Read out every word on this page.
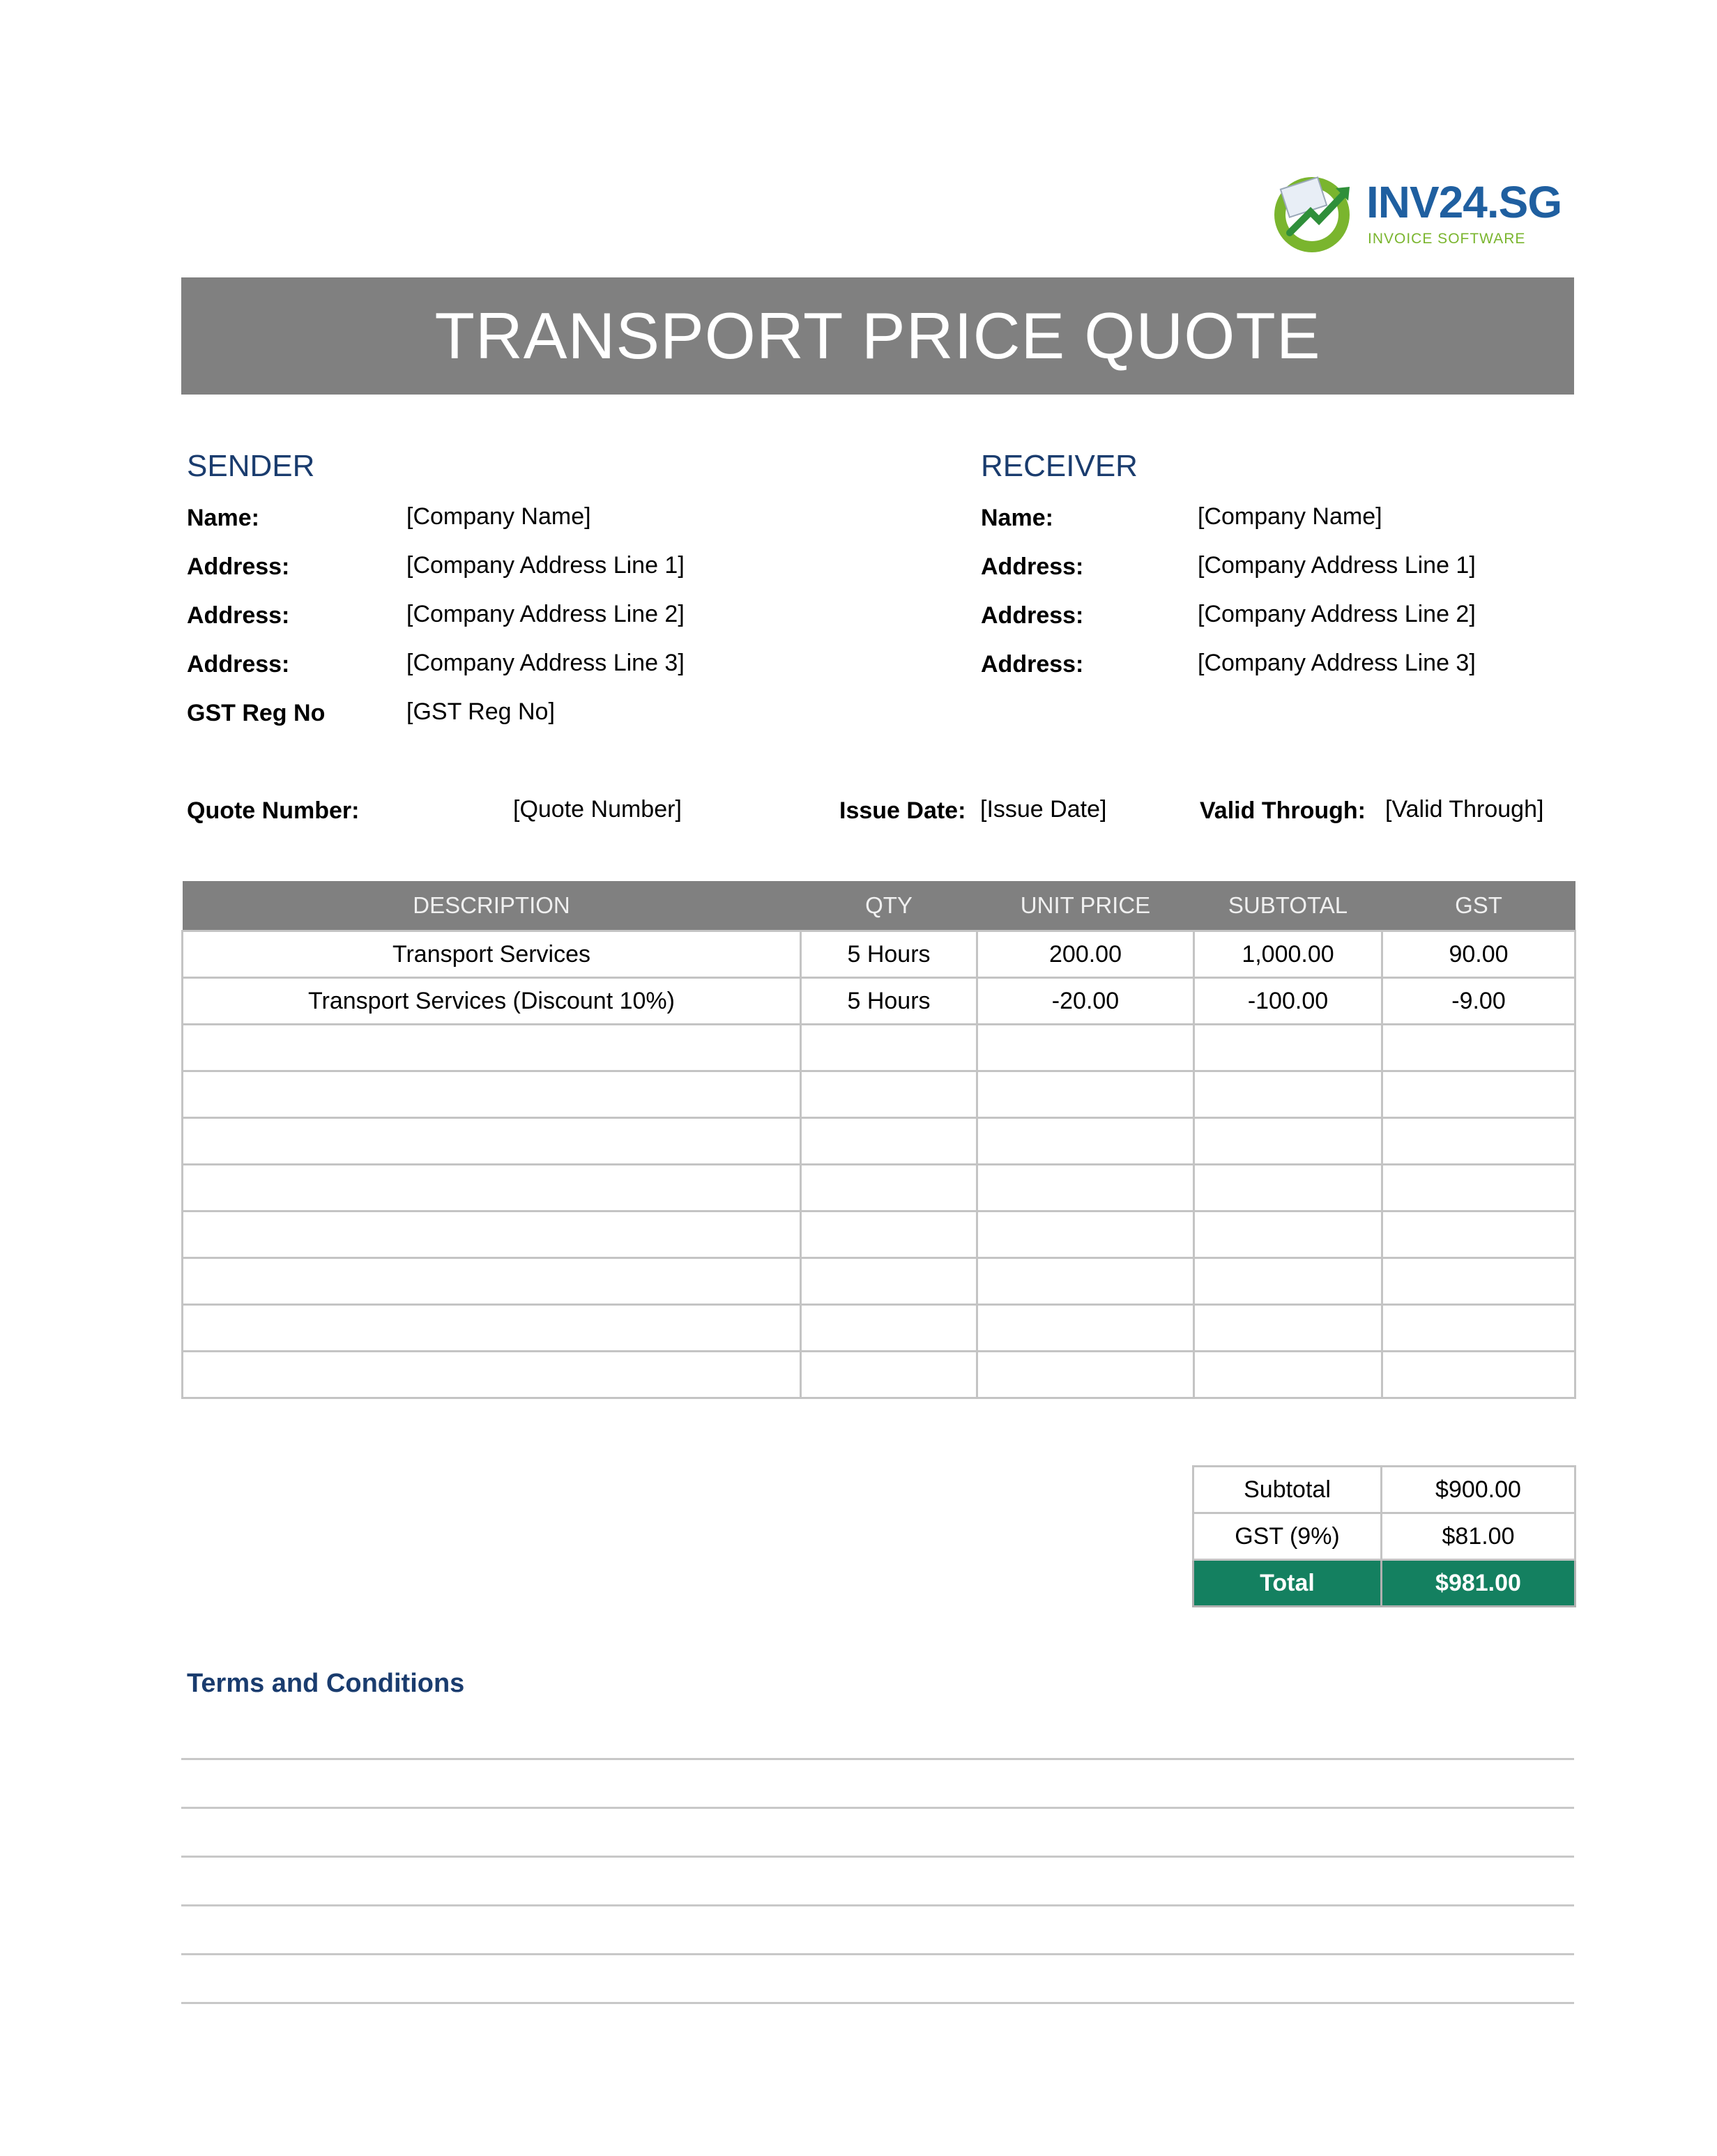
INV24.SG
INVOICE SOFTWARE
TRANSPORT PRICE QUOTE
SENDER
Name:	[Company Name]
Address:	[Company Address Line 1]
Address:	[Company Address Line 2]
Address:	[Company Address Line 3]
GST Reg No	[GST Reg No]
RECEIVER
Name:	[Company Name]
Address:	[Company Address Line 1]
Address:	[Company Address Line 2]
Address:	[Company Address Line 3]
Quote Number:	[Quote Number]	Issue Date: [Issue Date]	Valid Through: [Valid Through]
DESCRIPTION	QTY	UNIT PRICE	SUBTOTAL	GST
Transport Services	5 Hours	200.00	1,000.00	90.00
Transport Services (Discount 10%)	5 Hours	-20.00	-100.00	-9.00

Subtotal	$900.00
GST (9%)	$81.00
Total	$981.00
Terms and Conditions
